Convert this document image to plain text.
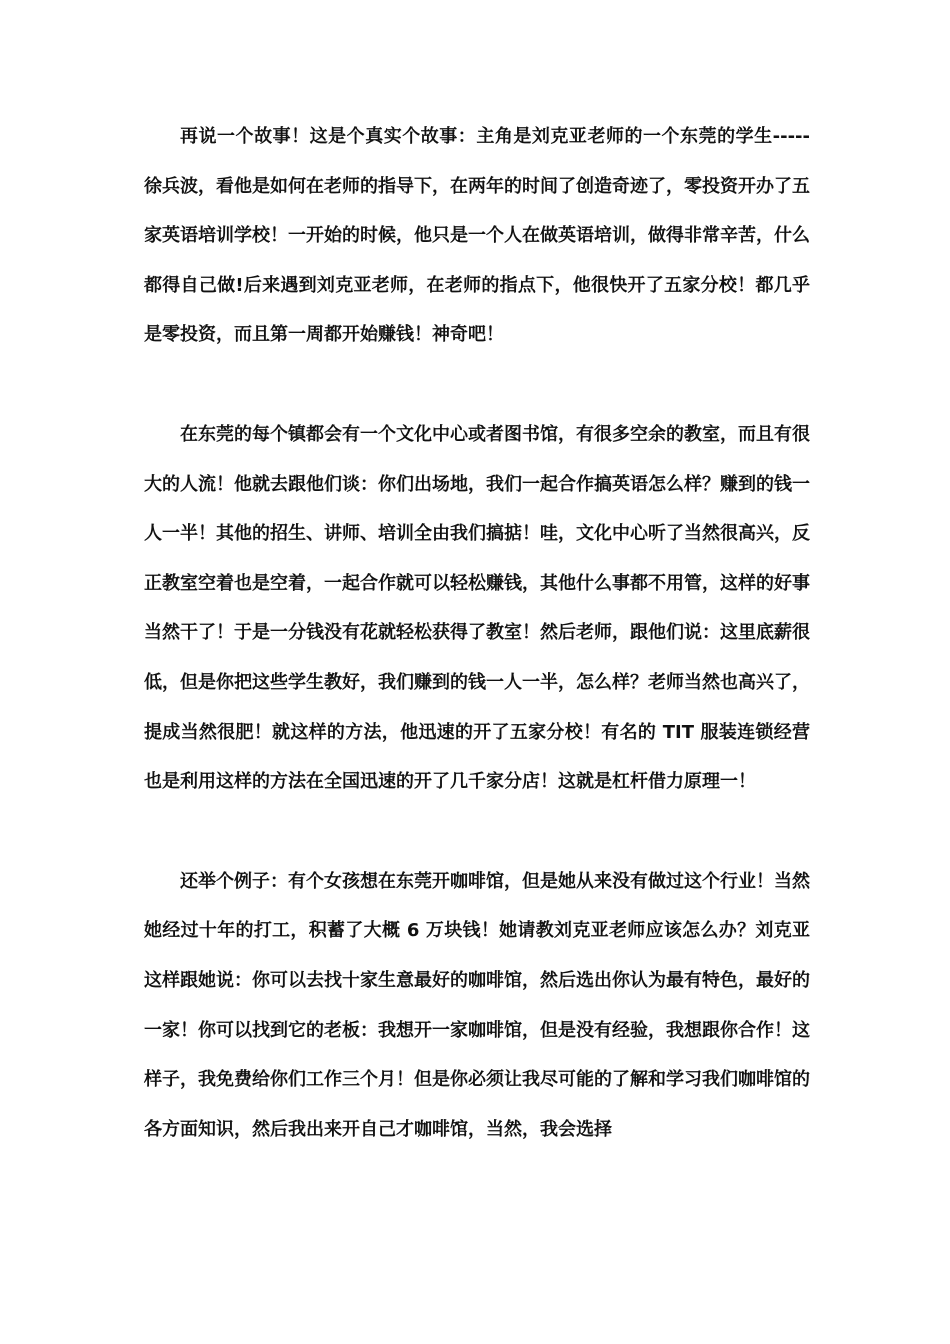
再说一个故事！这是个真实个故事：主角是刘克亚老师的一个东莞的学生-----徐兵波，看他是如何在老师的指导下，在两年的时间了创造奇迹了，零投资开办了五家英语培训学校！一开始的时候，他只是一个人在做英语培训，做得非常辛苦，什么都得自己做!后来遇到刘克亚老师，在老师的指点下，他很快开了五家分校！都几乎是零投资，而且第一周都开始赚钱！神奇吧！

在东莞的每个镇都会有一个文化中心或者图书馆，有很多空余的教室，而且有很大的人流！他就去跟他们谈：你们出场地，我们一起合作搞英语怎么样？赚到的钱一人一半！其他的招生、讲师、培训全由我们搞掂！哇，文化中心听了当然很高兴，反正教室空着也是空着，一起合作就可以轻松赚钱，其他什么事都不用管，这样的好事当然干了！于是一分钱没有花就轻松获得了教室！然后老师，跟他们说：这里底薪很低，但是你把这些学生教好，我们赚到的钱一人一半，怎么样？老师当然也高兴了，提成当然很肥！就这样的方法，他迅速的开了五家分校！有名的 TIT 服装连锁经营也是利用这样的方法在全国迅速的开了几千家分店！这就是杠杆借力原理一！

还举个例子：有个女孩想在东莞开咖啡馆，但是她从来没有做过这个行业！当然她经过十年的打工，积蓄了大概 6 万块钱！她请教刘克亚老师应该怎么办？刘克亚这样跟她说：你可以去找十家生意最好的咖啡馆，然后选出你认为最有特色，最好的一家！你可以找到它的老板：我想开一家咖啡馆，但是没有经验，我想跟你合作！这样子，我免费给你们工作三个月！但是你必须让我尽可能的了解和学习我们咖啡馆的各方面知识，然后我出来开自己才咖啡馆，当然，我会选择
